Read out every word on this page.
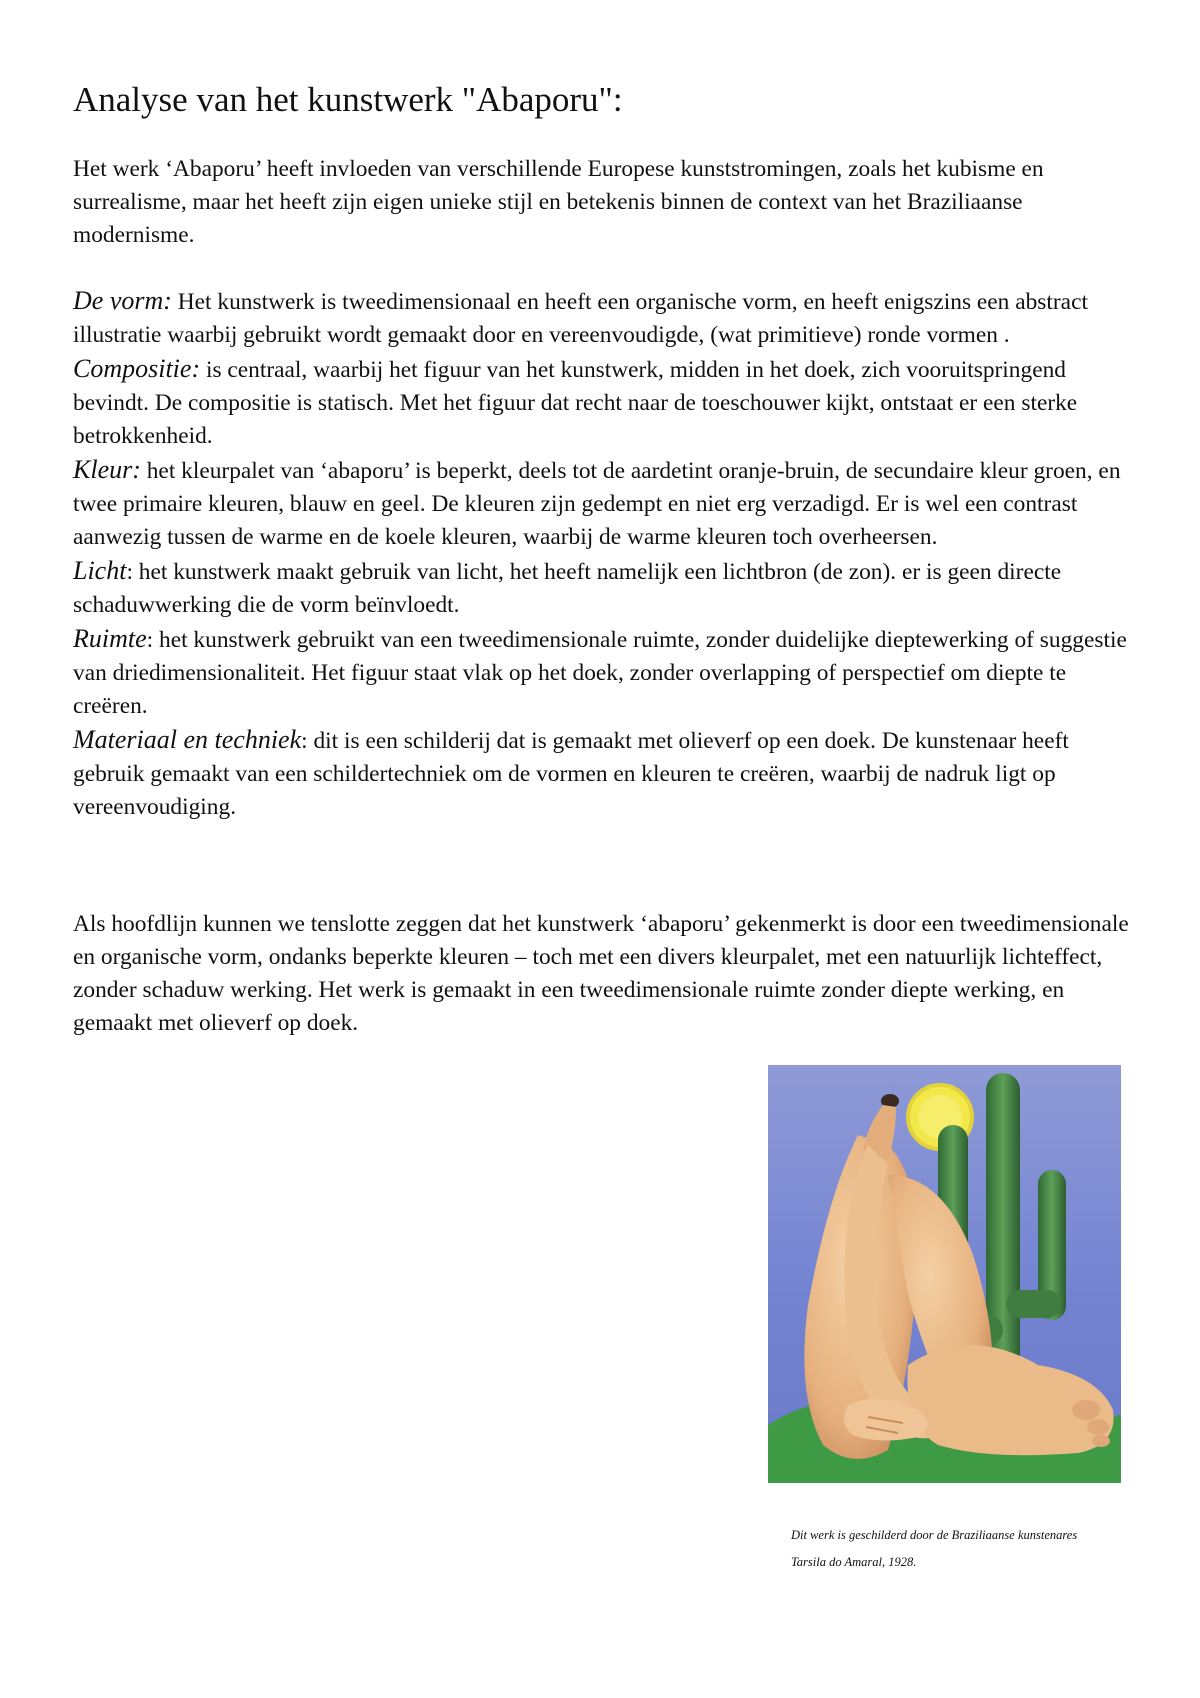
Analyse van het kunstwerk "Abaporu":

Het werk ‘Abaporu’ heeft invloeden van verschillende Europese kunststromingen, zoals het kubisme en surrealisme, maar het heeft zijn eigen unieke stijl en betekenis binnen de context van het Braziliaanse modernisme.

De vorm: Het kunstwerk is tweedimensionaal en heeft een organische vorm, en heeft enigszins een abstract illustratie waarbij gebruikt wordt gemaakt door en vereenvoudigde, (wat primitieve) ronde vormen .

Compositie: is centraal, waarbij het figuur van het kunstwerk, midden in het doek, zich vooruitspringend bevindt. De compositie is statisch. Met het figuur dat recht naar de toeschouwer kijkt, ontstaat er een sterke betrokkenheid.

Kleur: het kleurpalet van ‘abaporu’ is beperkt, deels tot de aardetint oranje-bruin, de secundaire kleur groen, en twee primaire kleuren, blauw en geel. De kleuren zijn gedempt en niet erg verzadigd. Er is wel een contrast aanwezig tussen de warme en de koele kleuren, waarbij de warme kleuren toch overheersen.

Licht: het kunstwerk maakt gebruik van licht, het heeft namelijk een lichtbron (de zon). er is geen directe schaduwwerking die de vorm beïnvloedt.

Ruimte: het kunstwerk gebruikt van een tweedimensionale ruimte, zonder duidelijke dieptewerking of suggestie van driedimensionaliteit. Het figuur staat vlak op het doek, zonder overlapping of perspectief om diepte te creëren.

Materiaal en techniek: dit is een schilderij dat is gemaakt met olieverf op een doek. De kunstenaar heeft gebruik gemaakt van een schildertechniek om de vormen en kleuren te creëren, waarbij de nadruk ligt op vereenvoudiging.

Als hoofdlijn kunnen we tenslotte zeggen dat het kunstwerk ‘abaporu’ gekenmerkt is door een tweedimensionale en organische vorm, ondanks beperkte kleuren – toch met een divers kleurpalet, met een natuurlijk lichteffect, zonder schaduw werking. Het werk is gemaakt in een tweedimensionale ruimte zonder diepte werking, en

gemaakt met olieverf op doek.

Dit werk is geschilderd door de Braziliaanse kunstenares
Tarsila do Amaral, 1928.
